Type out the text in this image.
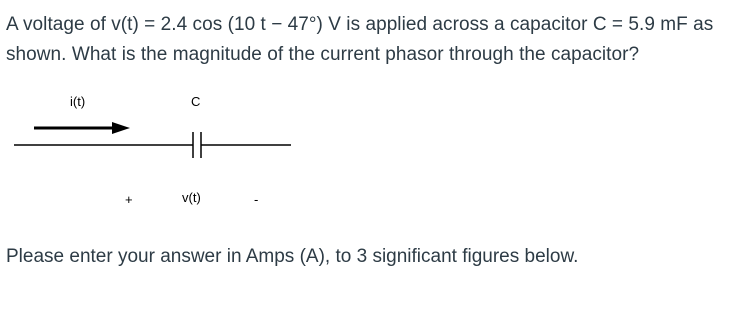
A voltage of v(t) = 2.4 cos (10 t − 47°) V is applied across a capacitor C = 5.9 mF as

shown. What is the magnitude of the current phasor through the capacitor?

i(t)	C
+	v(t)	-
Please enter your answer in Amps (A), to 3 significant figures below.
